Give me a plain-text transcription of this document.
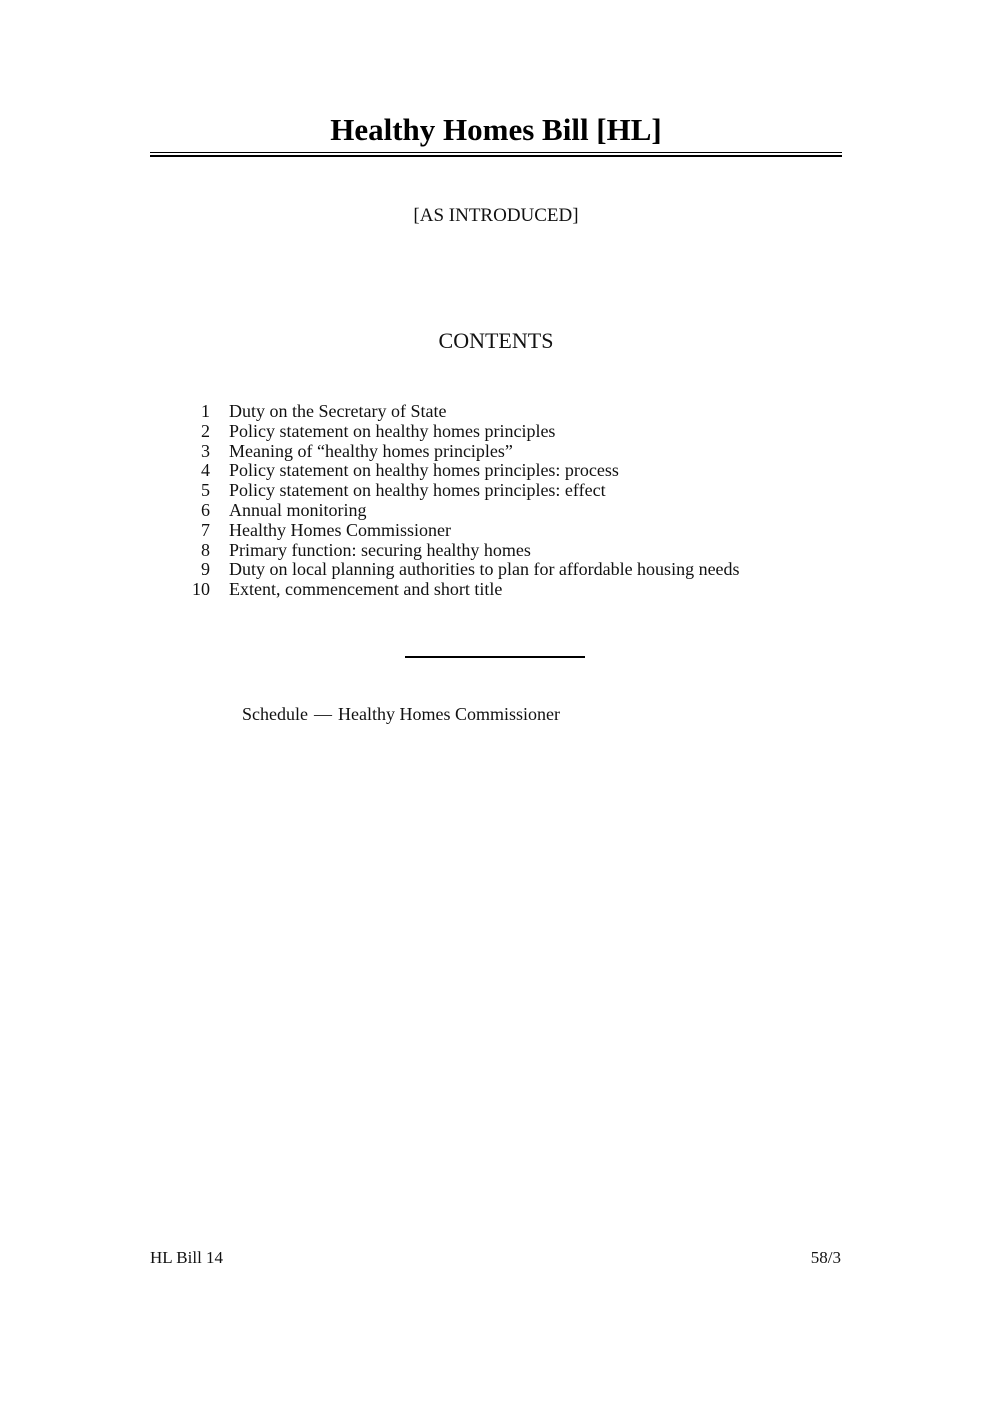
Healthy Homes Bill [HL]
[AS INTRODUCED]
CONTENTS
1	Duty on the Secretary of State
2	Policy statement on healthy homes principles
3	Meaning of “healthy homes principles”
4	Policy statement on healthy homes principles: process
5	Policy statement on healthy homes principles: effect
6	Annual monitoring
7	Healthy Homes Commissioner
8	Primary function: securing healthy homes
9	Duty on local planning authorities to plan for affordable housing needs
10	Extent, commencement and short title
Schedule — Healthy Homes Commissioner
HL Bill 14	58/3
